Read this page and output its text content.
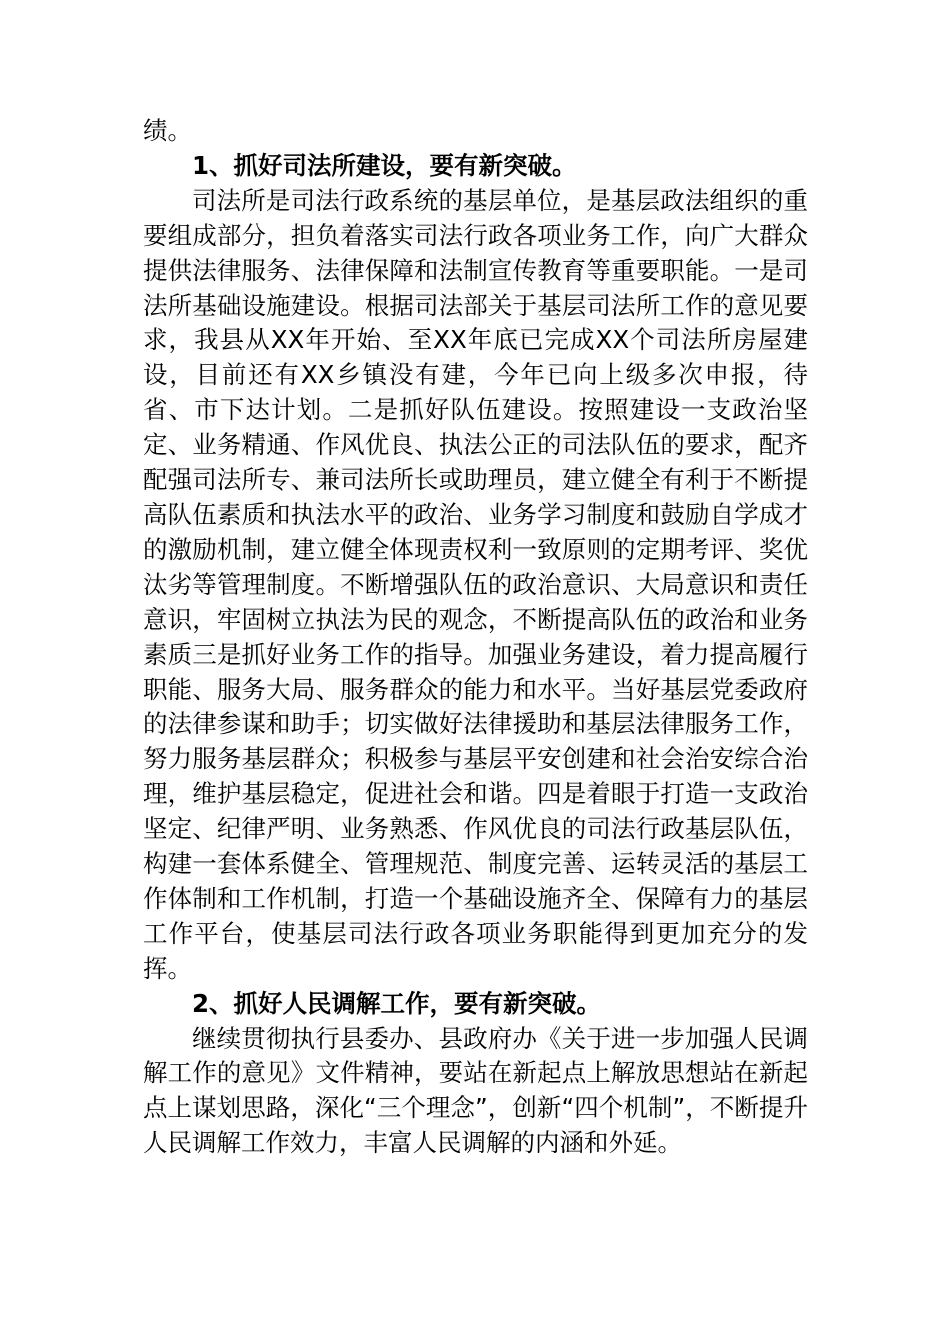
绩。

1、抓好司法所建设，要有新突破。

司法所是司法行政系统的基层单位，是基层政法组织的重要组成部分，担负着落实司法行政各项业务工作，向广大群众提供法律服务、法律保障和法制宣传教育等重要职能。一是司法所基础设施建设。根据司法部关于基层司法所工作的意见要求，我县从XX年开始、至XX年底已完成XX个司法所房屋建设，目前还有XX乡镇没有建，今年已向上级多次申报，待省、市下达计划。二是抓好队伍建设。按照建设一支政治坚定、业务精通、作风优良、执法公正的司法队伍的要求，配齐配强司法所专、兼司法所长或助理员，建立健全有利于不断提高队伍素质和执法水平的政治、业务学习制度和鼓励自学成才的激励机制，建立健全体现责权利一致原则的定期考评、奖优汰劣等管理制度。不断增强队伍的政治意识、大局意识和责任意识，牢固树立执法为民的观念，不断提高队伍的政治和业务素质三是抓好业务工作的指导。加强业务建设，着力提高履行职能、服务大局、服务群众的能力和水平。当好基层党委政府的法律参谋和助手；切实做好法律援助和基层法律服务工作，努力服务基层群众；积极参与基层平安创建和社会治安综合治理，维护基层稳定，促进社会和谐。四是着眼于打造一支政治坚定、纪律严明、业务熟悉、作风优良的司法行政基层队伍，构建一套体系健全、管理规范、制度完善、运转灵活的基层工作体制和工作机制，打造一个基础设施齐全、保障有力的基层工作平台，使基层司法行政各项业务职能得到更加充分的发挥。

2、抓好人民调解工作，要有新突破。

继续贯彻执行县委办、县政府办《关于进一步加强人民调解工作的意见》文件精神，要站在新起点上解放思想站在新起点上谋划思路，深化“三个理念”，创新“四个机制”，不断提升人民调解工作效力，丰富人民调解的内涵和外延。
